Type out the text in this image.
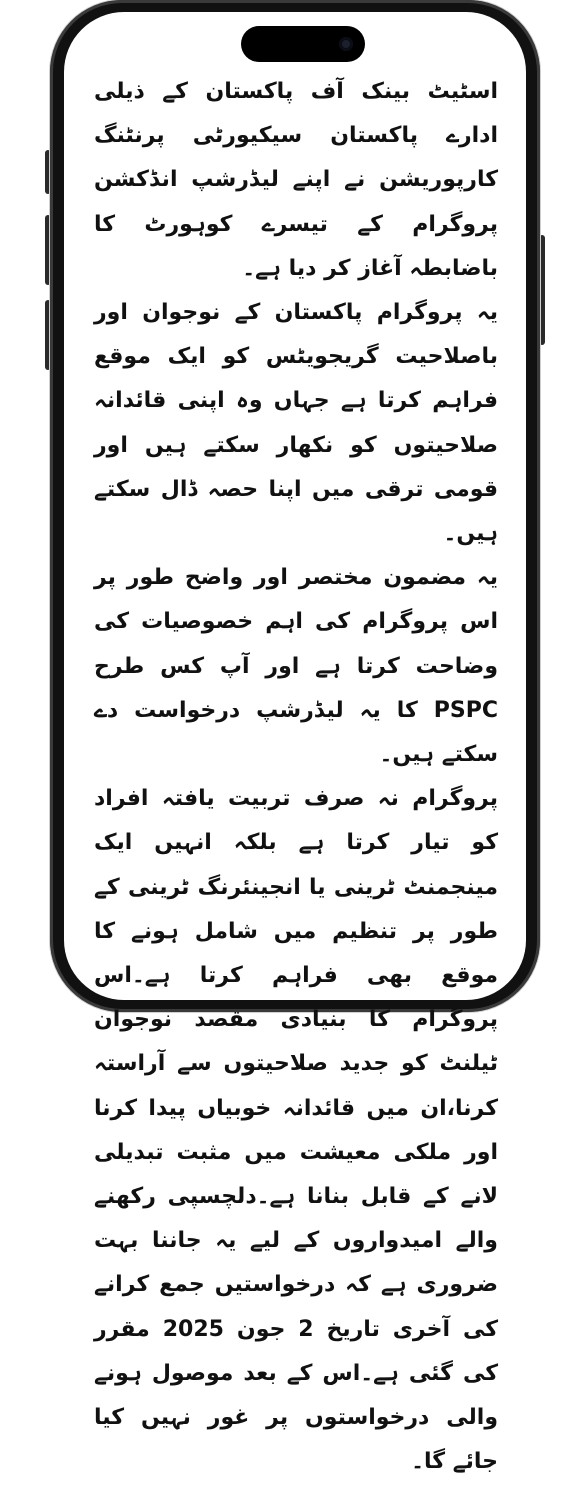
اسٹیٹ بینک آف پاکستان کے ذیلی ادارے پاکستان سیکیورٹی پرنٹنگ کارپوریشن نے اپنے لیڈرشپ انڈکشن پروگرام کے تیسرے کوہورٹ کا باضابطہ آغاز کر دیا ہے۔

یہ پروگرام پاکستان کے نوجوان اور باصلاحیت گریجویٹس کو ایک موقع فراہم کرتا ہے جہاں وہ اپنی قائدانہ صلاحیتوں کو نکھار سکتے ہیں اور قومی ترقی میں اپنا حصہ ڈال سکتے ہیں۔

یہ مضمون مختصر اور واضح طور پر اس پروگرام کی اہم خصوصیات کی وضاحت کرتا ہے اور آپ کس طرح PSPC کا یہ لیڈرشپ درخواست دے سکتے ہیں۔

پروگرام نہ صرف تربیت یافتہ افراد کو تیار کرتا ہے بلکہ انہیں ایک مینجمنٹ ٹرینی یا انجینئرنگ ٹرینی کے طور پر تنظیم میں شامل ہونے کا موقع بھی فراہم کرتا ہے۔اس پروگرام کا بنیادی مقصد نوجوان ٹیلنٹ کو جدید صلاحیتوں سے آراستہ کرنا،ان میں قائدانہ خوبیاں پیدا کرنا اور ملکی معیشت میں مثبت تبدیلی لانے کے قابل بنانا ہے۔دلچسپی رکھنے والے امیدواروں کے لیے یہ جاننا بہت ضروری ہے کہ درخواستیں جمع کرانے کی آخری تاریخ 2 جون 2025 مقرر کی گئی ہے۔اس کے بعد موصول ہونے والی درخواستوں پر غور نہیں کیا جائے گا۔
